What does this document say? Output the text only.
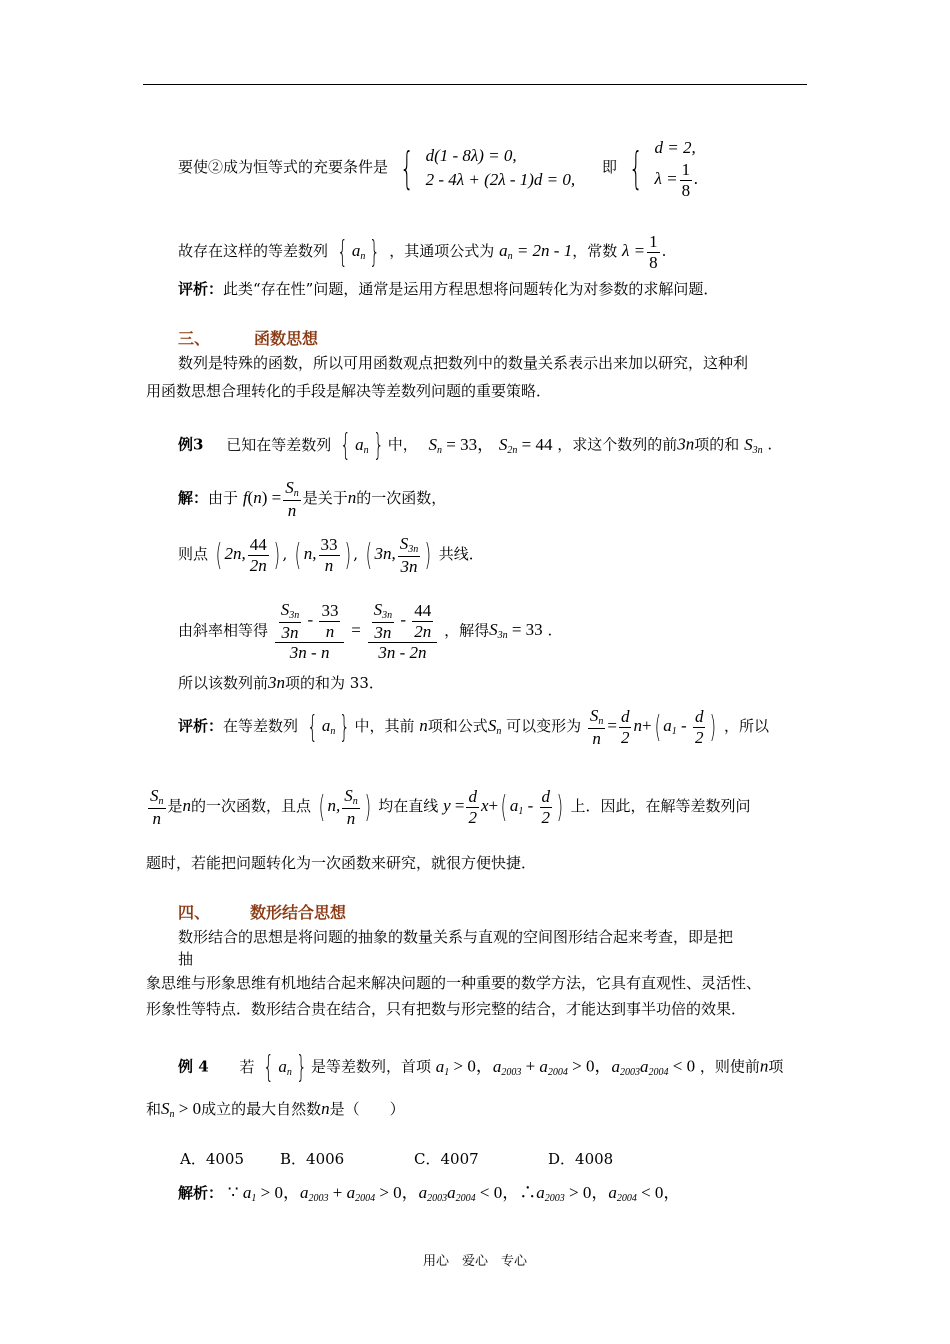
要使②成为恒等式的充要条件是 { d(1 - 8λ) = 0,
2 - 4λ + (2λ - 1)d = 0,
即 { d = 2,
$\lambda = \frac{1}{8}$ .
故存在这样的等差数列 { $a_n$ } ，其通项公式为 $a_n = 2n - 1$，常数 $\lambda = \frac{1}{8}$ .
评析：此类“存在性”问题，通常是运用方程思想将问题转化为对参数的求解问题．
三、	函数思想
数列是特殊的函数，所以可用函数观点把数列中的数量关系表示出来加以研究，这种利
用函数思想合理转化的手段是解决等差数列问题的重要策略．
例3 已知在等差数列 { $a_n$ } 中， $S_n = 33$， $S_{2n} = 44$ ，求这个数列的前3n项的和 $S_{3n}$ .
解：由于 $f(n) = \frac{S_n}{n}$ 是关于n的一次函数，
则点 ( 2n, $\frac{44}{2n}$ ) , ( n, $\frac{33}{n}$ ) , ( 3n, $\frac{S_{3n}}{3n}$ ) 共线．
由斜率相等得 $\frac{\frac{S_{3n}}{3n} - \frac{33}{n}}{3n - n} = \frac{\frac{S_{3n}}{3n} - \frac{44}{2n}}{3n - 2n}$ ，解得$S_{3n} = 33$ .
所以该数列前3n项的和为 33．
评析：在等差数列 { $a_n$ } 中，其前 n项和公式$S_n$ 可以变形为 $\frac{S_n}{n} = \frac{d}{2} n+$( $a_1 - \frac{d}{2}$ ) ，所以
$\frac{S_n}{n}$ 是n的一次函数，且点 ( n, $\frac{S_n}{n}$ ) 均在直线 $y = \frac{d}{2} x+$( $a_1 - \frac{d}{2}$ ) 上．因此，在解等差数列问
题时，若能把问题转化为一次函数来研究，就很方便快捷．
四、	数形结合思想
数形结合的思想是将问题的抽象的数量关系与直观的空间图形结合起来考查，即是把
抽
象思维与形象思维有机地结合起来解决问题的一种重要的数学方法，它具有直观性、灵活性、
形象性等特点．数形结合贵在结合，只有把数与形完整的结合，才能达到事半功倍的效果．
例 4 若 { $a_n$ } 是等差数列，首项 $a_1 > 0$，$a_{2003} + a_{2004} > 0$，$a_{2003}a_{2004} < 0$ ，则使前n项
和$S_n > 0$成立的最大自然数n是（　　）
A．4005 B．4006	C．4007	D．4008
解析： ∵ $a_1 > 0$，$a_{2003} + a_{2004} > 0$，$a_{2003}a_{2004} < 0$，$\therefore a_{2003} > 0$，$a_{2004} < 0$，
用心　爱心　专心
